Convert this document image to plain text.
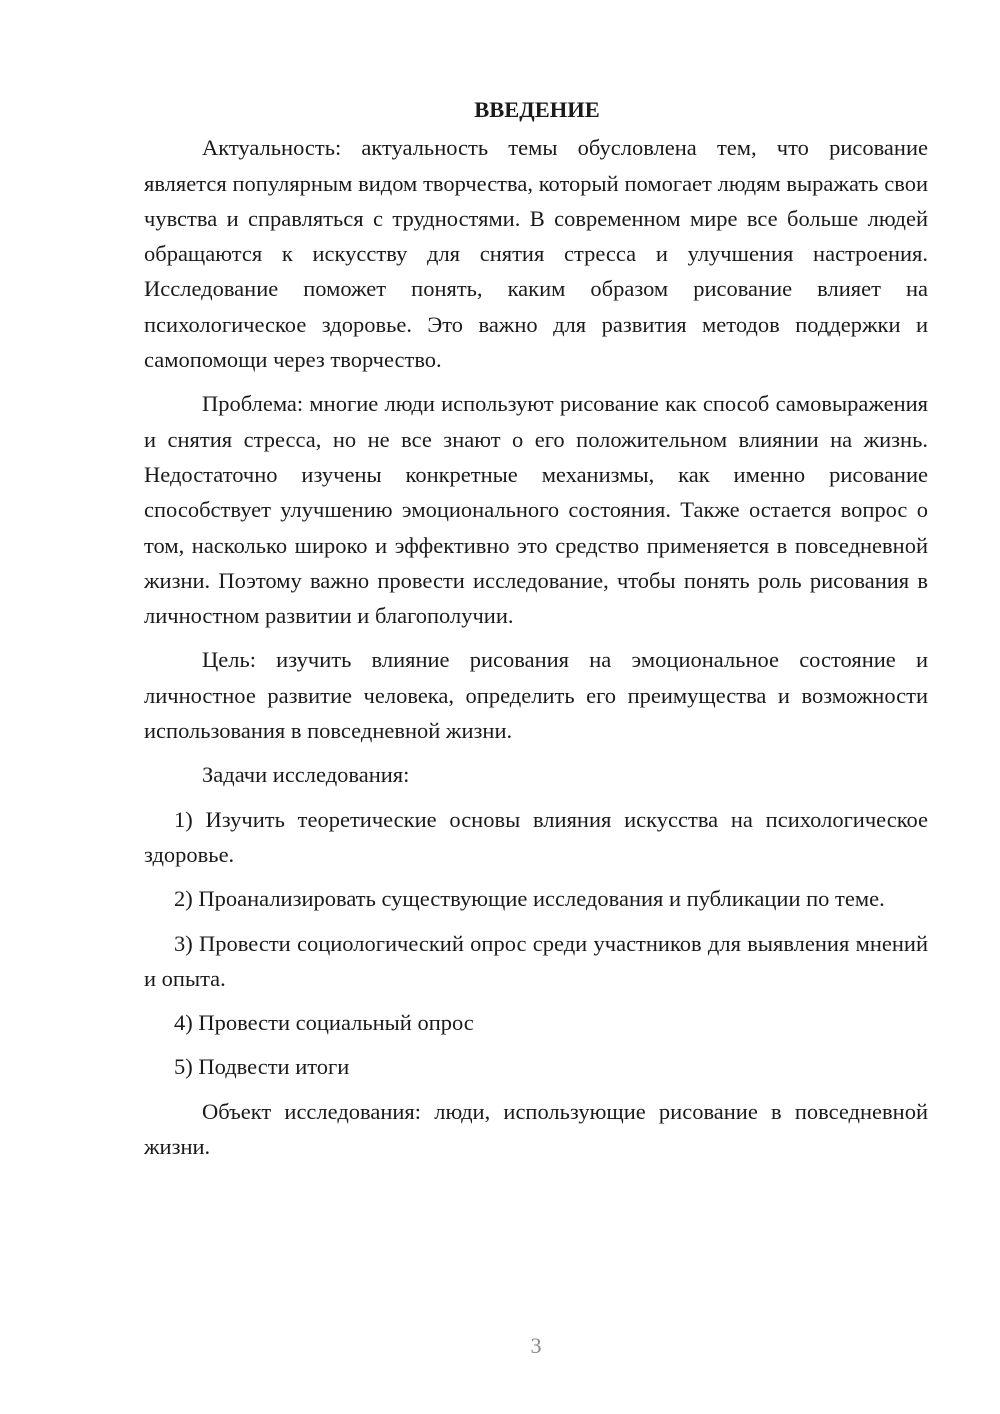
ВВЕДЕНИЕ

Актуальность: актуальность темы обусловлена тем, что рисование является популярным видом творчества, который помогает людям выражать свои чувства и справляться с трудностями. В современном мире все больше людей обращаются к искусству для снятия стресса и улучшения настроения. Исследование поможет понять, каким образом рисование влияет на психологическое здоровье. Это важно для развития методов поддержки и самопомощи через творчество.

Проблема: многие люди используют рисование как способ самовыражения и снятия стресса, но не все знают о его положительном влиянии на жизнь. Недостаточно изучены конкретные механизмы, как именно рисование способствует улучшению эмоционального состояния. Также остается вопрос о том, насколько широко и эффективно это средство применяется в повседневной жизни. Поэтому важно провести исследование, чтобы понять роль рисования в личностном развитии и благополучии.

Цель: изучить влияние рисования на эмоциональное состояние и личностное развитие человека, определить его преимущества и возможности использования в повседневной жизни.

Задачи исследования:

1) Изучить теоретические основы влияния искусства на психологическое здоровье.

2) Проанализировать существующие исследования и публикации по теме.

3) Провести социологический опрос среди участников для выявления мнений и опыта.

4) Провести социальный опрос

5) Подвести итоги

Объект исследования: люди, использующие рисование в повседневной жизни.

3
